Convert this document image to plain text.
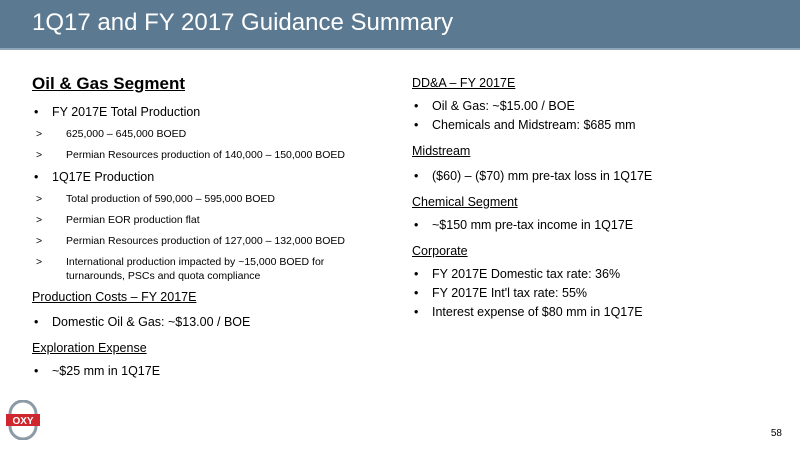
1Q17 and FY 2017 Guidance Summary
Oil & Gas Segment
• FY 2017E Total Production
> 625,000 – 645,000 BOED
> Permian Resources production of 140,000 – 150,000 BOED
• 1Q17E Production
> Total production of 590,000 – 595,000 BOED
> Permian EOR production flat
> Permian Resources production of 127,000 – 132,000 BOED
> International production impacted by ~15,000 BOED for turnarounds, PSCs and quota compliance
Production Costs – FY 2017E
• Domestic Oil & Gas: ~$13.00 / BOE
Exploration Expense
• ~$25 mm in 1Q17E
DD&A – FY 2017E
• Oil & Gas: ~$15.00 / BOE
• Chemicals and Midstream: $685 mm
Midstream
• ($60) – ($70) mm pre-tax loss in 1Q17E
Chemical Segment
• ~$150 mm pre-tax income in 1Q17E
Corporate
• FY 2017E Domestic tax rate: 36%
• FY 2017E Int'l tax rate: 55%
• Interest expense of $80 mm in 1Q17E
OXY
58
